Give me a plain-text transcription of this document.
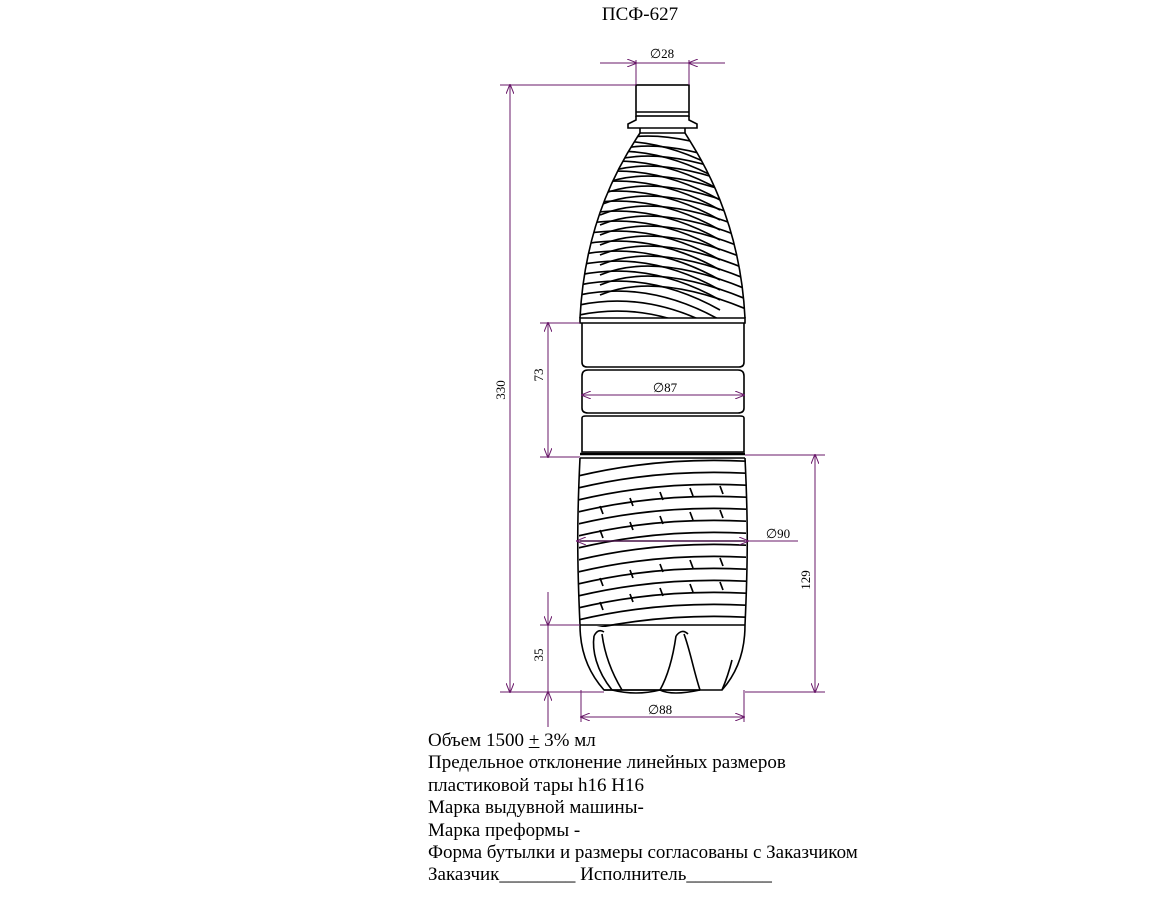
ПСФ-627
∅28
∅87
∅90
∅88
330
73
129
35
Объем 1500 + 3% мл
Предельное отклонение линейных размеров
пластиковой тары h16 H16
Марка выдувной машины-
Марка преформы -
Форма бутылки и размеры согласованы с Заказчиком
Заказчик________ Исполнитель_________
